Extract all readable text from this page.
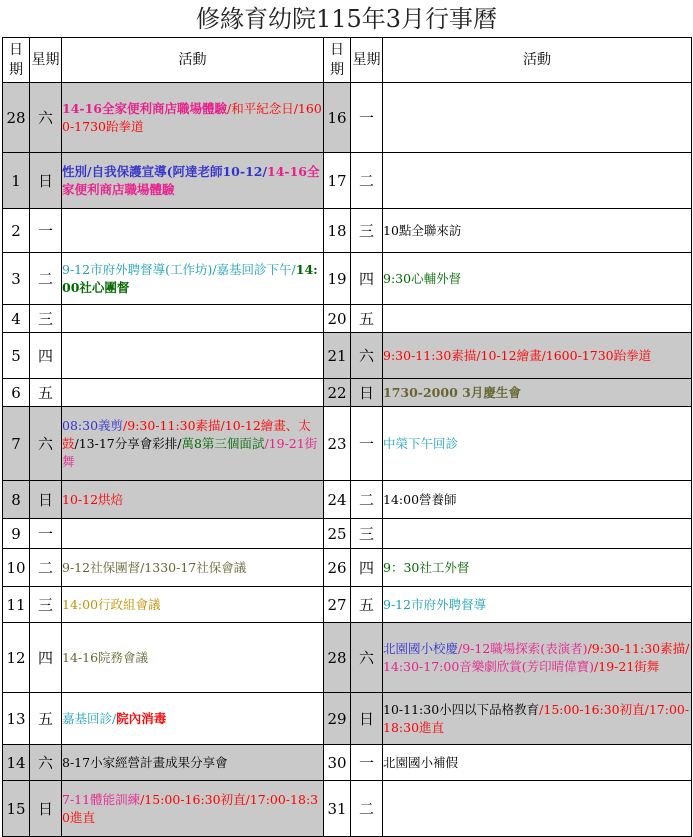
修緣育幼院115年3月行事曆
日期	星期	活動	日期	星期	活動
28	六	14-16全家便利商店職場體驗/和平紀念日/1600-1730跆拳道	16	一	
1	日	性別/自我保護宣導(阿達老師10-12/14-16全家便利商店職場體驗	17	二	
2	一		18	三	10點全聯來訪
3	二	9-12市府外聘督導(工作坊)/嘉基回診下午/14:00社心團督	19	四	9:30心輔外督
4	三		20	五	
5	四		21	六	9:30-11:30素描/10-12繪畫/1600-1730跆拳道
6	五		22	日	1730-2000 3月慶生會
7	六	08:30義剪/9:30-11:30素描/10-12繪畫、太鼓/13-17分享會彩排/萬8第三個面試/19-21街舞	23	一	中榮下午回診
8	日	10-12烘焙	24	二	14:00營養師
9	一		25	三	
10	二	9-12社保團督/1330-17社保會議	26	四	9：30社工外督
11	三	14:00行政組會議	27	五	9-12市府外聘督導
12	四	14-16院務會議	28	六	北園國小校慶/9-12職場探索(表演者)/9:30-11:30素描/14:30-17:00音樂劇欣賞(芳印晴偉寶)/19-21街舞
13	五	嘉基回診/院內消毒	29	日	10-11:30小四以下品格教育/15:00-16:30初直/17:00-18:30進直
14	六	8-17小家經營計畫成果分享會	30	一	北園國小補假
15	日	7-11體能訓練/15:00-16:30初直/17:00-18:30進直	31	二	
